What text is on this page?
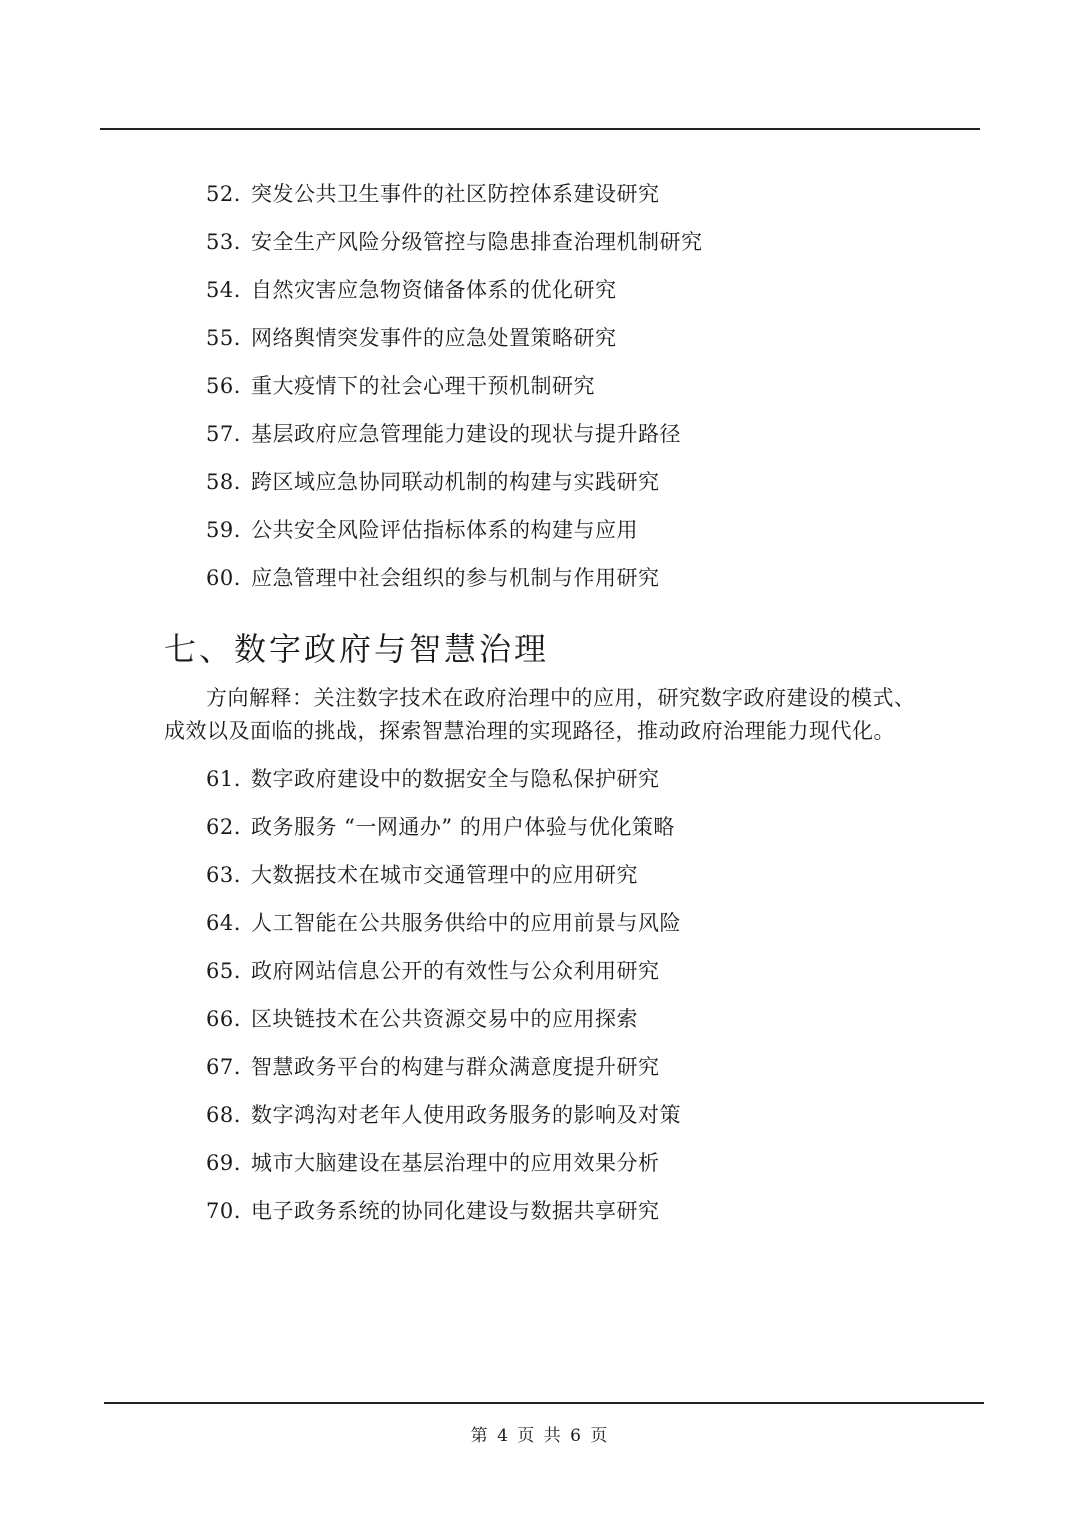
52. 突发公共卫生事件的社区防控体系建设研究
53. 安全生产风险分级管控与隐患排查治理机制研究
54. 自然灾害应急物资储备体系的优化研究
55. 网络舆情突发事件的应急处置策略研究
56. 重大疫情下的社会心理干预机制研究
57. 基层政府应急管理能力建设的现状与提升路径
58. 跨区域应急协同联动机制的构建与实践研究
59. 公共安全风险评估指标体系的构建与应用
60. 应急管理中社会组织的参与机制与作用研究
七、数字政府与智慧治理
方向解释：关注数字技术在政府治理中的应用，研究数字政府建设的模式、
成效以及面临的挑战，探索智慧治理的实现路径，推动政府治理能力现代化。
61. 数字政府建设中的数据安全与隐私保护研究
62. 政务服务 “一网通办” 的用户体验与优化策略
63. 大数据技术在城市交通管理中的应用研究
64. 人工智能在公共服务供给中的应用前景与风险
65. 政府网站信息公开的有效性与公众利用研究
66. 区块链技术在公共资源交易中的应用探索
67. 智慧政务平台的构建与群众满意度提升研究
68. 数字鸿沟对老年人使用政务服务的影响及对策
69. 城市大脑建设在基层治理中的应用效果分析
70. 电子政务系统的协同化建设与数据共享研究
第 4 页 共 6 页
